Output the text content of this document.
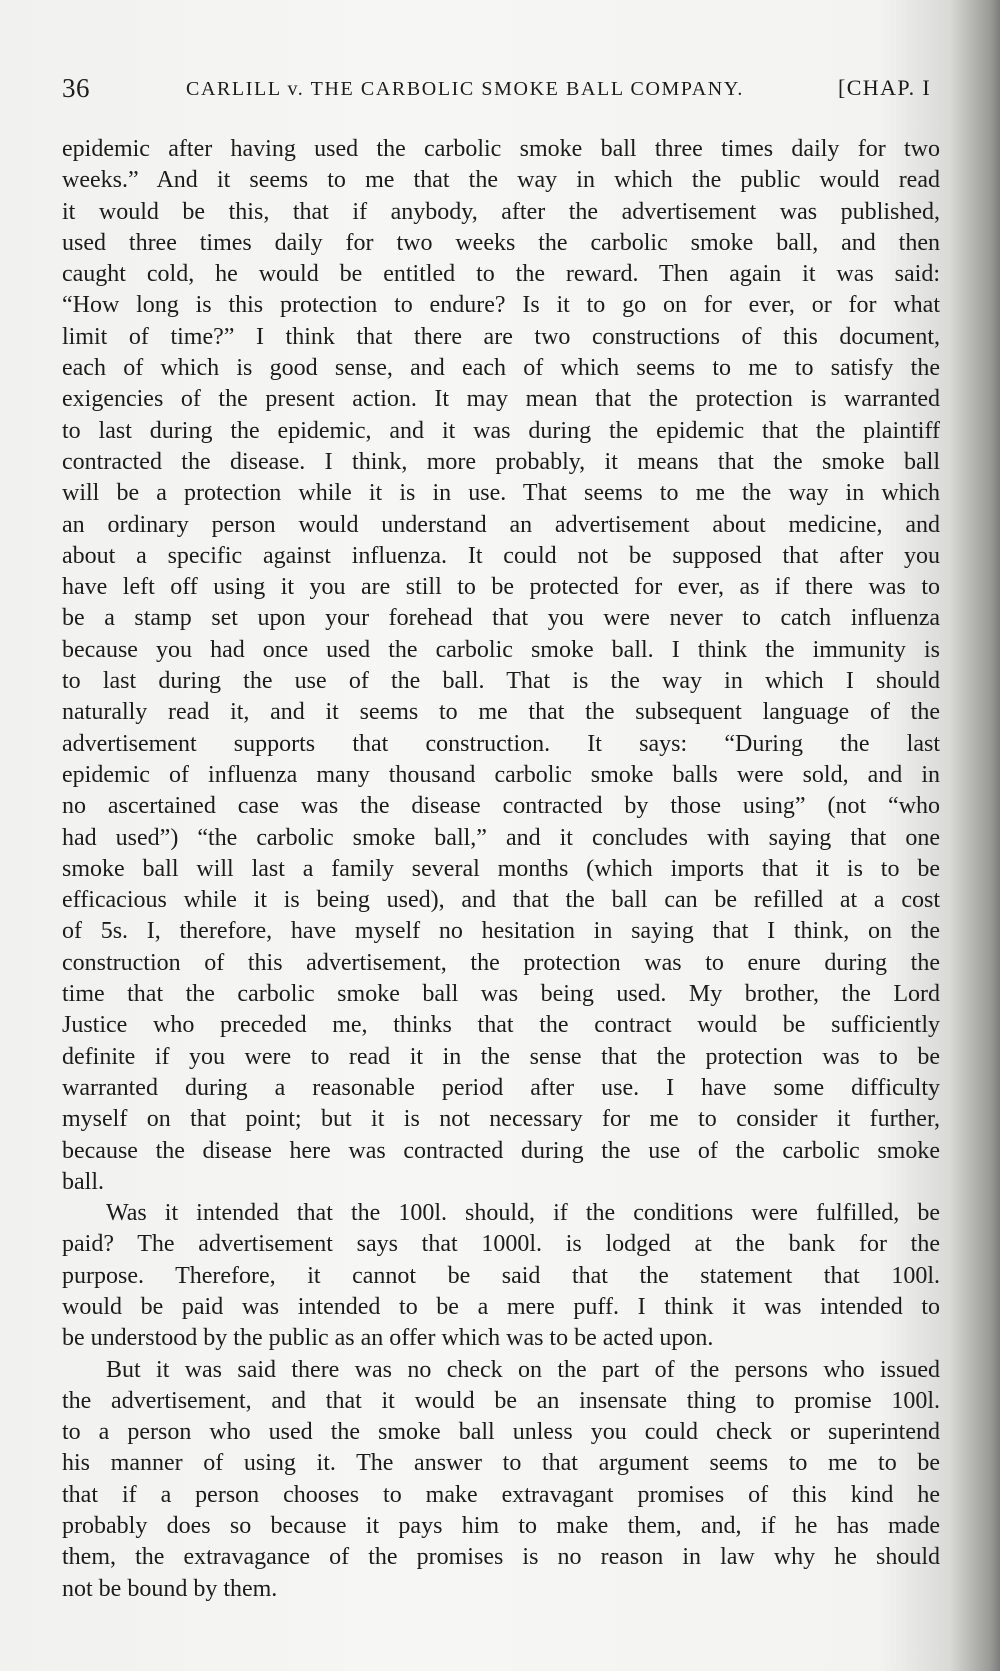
36	CARLILL v. THE CARBOLIC SMOKE BALL COMPANY.	[CHAP. I
epidemic after having used the carbolic smoke ball three times daily for two
weeks.” And it seems to me that the way in which the public would read
it would be this, that if anybody, after the advertisement was published,
used three times daily for two weeks the carbolic smoke ball, and then
caught cold, he would be entitled to the reward. Then again it was said:
“How long is this protection to endure? Is it to go on for ever, or for what
limit of time?” I think that there are two constructions of this document,
each of which is good sense, and each of which seems to me to satisfy the
exigencies of the present action. It may mean that the protection is warranted
to last during the epidemic, and it was during the epidemic that the plaintiff
contracted the disease. I think, more probably, it means that the smoke ball
will be a protection while it is in use. That seems to me the way in which
an ordinary person would understand an advertisement about medicine, and
about a specific against influenza. It could not be supposed that after you
have left off using it you are still to be protected for ever, as if there was to
be a stamp set upon your forehead that you were never to catch influenza
because you had once used the carbolic smoke ball. I think the immunity is
to last during the use of the ball. That is the way in which I should
naturally read it, and it seems to me that the subsequent language of the
advertisement supports that construction. It says: “During the last
epidemic of influenza many thousand carbolic smoke balls were sold, and in
no ascertained case was the disease contracted by those using” (not “who
had used”) “the carbolic smoke ball,” and it concludes with saying that one
smoke ball will last a family several months (which imports that it is to be
efficacious while it is being used), and that the ball can be refilled at a cost
of 5s. I, therefore, have myself no hesitation in saying that I think, on the
construction of this advertisement, the protection was to enure during the
time that the carbolic smoke ball was being used. My brother, the Lord
Justice who preceded me, thinks that the contract would be sufficiently
definite if you were to read it in the sense that the protection was to be
warranted during a reasonable period after use. I have some difficulty
myself on that point; but it is not necessary for me to consider it further,
because the disease here was contracted during the use of the carbolic smoke
ball.
Was it intended that the 100l. should, if the conditions were fulfilled, be
paid? The advertisement says that 1000l. is lodged at the bank for the
purpose. Therefore, it cannot be said that the statement that 100l.
would be paid was intended to be a mere puff. I think it was intended to
be understood by the public as an offer which was to be acted upon.
But it was said there was no check on the part of the persons who issued
the advertisement, and that it would be an insensate thing to promise 100l.
to a person who used the smoke ball unless you could check or superintend
his manner of using it. The answer to that argument seems to me to be
that if a person chooses to make extravagant promises of this kind he
probably does so because it pays him to make them, and, if he has made
them, the extravagance of the promises is no reason in law why he should
not be bound by them.
